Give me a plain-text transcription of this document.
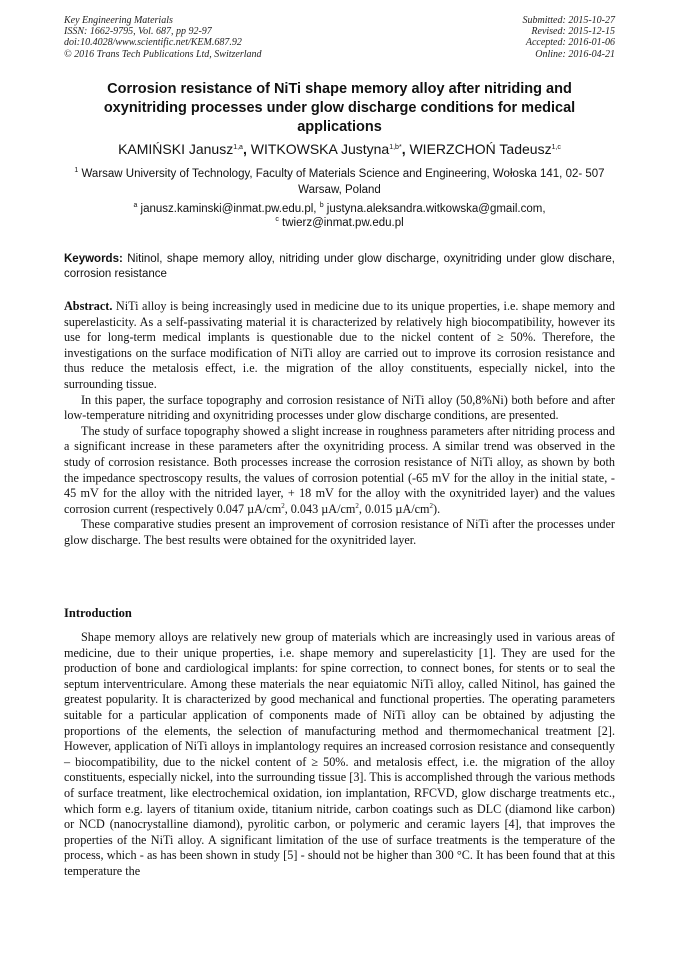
Key Engineering Materials
ISSN: 1662-9795, Vol. 687, pp 92-97
doi:10.4028/www.scientific.net/KEM.687.92
© 2016 Trans Tech Publications Ltd, Switzerland
Submitted: 2015-10-27
Revised: 2015-12-15
Accepted: 2016-01-06
Online: 2016-04-21
Corrosion resistance of NiTi shape memory alloy after nitriding and oxynitriding processes under glow discharge conditions for medical applications
KAMIŃSKI Janusz$^{1,a}$, WITKOWSKA Justyna$^{1,b*}$, WIERZCHOŃ Tadeusz$^{1,c}$
$^1$ Warsaw University of Technology, Faculty of Materials Science and Engineering, Wołoska 141, 02- 507 Warsaw, Poland
$^a$ janusz.kaminski@inmat.pw.edu.pl, $^b$ justyna.aleksandra.witkowska@gmail.com,
$^c$ twierz@inmat.pw.edu.pl
Keywords: Nitinol, shape memory alloy, nitriding under glow discharge, oxynitriding under glow dischare, corrosion resistance

Abstract. NiTi alloy is being increasingly used in medicine due to its unique properties, i.e. shape memory and superelasticity. As a self-passivating material it is characterized by relatively high biocompatibility, however its use for long-term medical implants is questionable due to the nickel content of ≥ 50%. Therefore, the investigations on the surface modification of NiTi alloy are carried out to improve its corrosion resistance and thus reduce the metalosis effect, i.e. the migration of the alloy constituents, especially nickel, into the surrounding tissue.

In this paper, the surface topography and corrosion resistance of NiTi alloy (50,8%Ni) both before and after low-temperature nitriding and oxynitriding processes under glow discharge conditions, are presented.

The study of surface topography showed a slight increase in roughness parameters after nitriding process and a significant increase in these parameters after the oxynitriding process. A similar trend was observed in the study of corrosion resistance. Both processes increase the corrosion resistance of NiTi alloy, as shown by both the impedance spectroscopy results, the values of corrosion potential (-65 mV for the alloy in the initial state, - 45 mV for the alloy with the nitrided layer, + 18 mV for the alloy with the oxynitrided layer) and the values corrosion current (respectively 0.047 $\mu A/cm^2$, 0.043 $\mu A/cm^2$, 0.015 $\mu A/cm^2$).

These comparative studies present an improvement of corrosion resistance of NiTi after the processes under glow discharge. The best results were obtained for the oxynitrided layer.

Introduction

Shape memory alloys are relatively new group of materials which are increasingly used in various areas of medicine, due to their unique properties, i.e. shape memory and superelasticity [1]. They are used for the production of bone and cardiological implants: for spine correction, to connect bones, for stents or to seal the septum interventriculare. Among these materials the near equiatomic NiTi alloy, called Nitinol, has gained the greatest popularity. It is characterized by good mechanical and functional properties. The operating parameters suitable for a particular application of components made of NiTi alloy can be obtained by adjusting the proportions of the elements, the selection of manufacturing method and thermomechanical treatment [2]. However, application of NiTi alloys in implantology requires an increased corrosion resistance and consequently – biocompatibility, due to the nickel content of ≥ 50%. and metalosis effect, i.e. the migration of the alloy constituents, especially nickel, into the surrounding tissue [3]. This is accomplished through the various methods of surface treatment, like electrochemical oxidation, ion implantation, RFCVD, glow discharge treatments etc., which form e.g. layers of titanium oxide, titanium nitride, carbon coatings such as DLC (diamond like carbon) or NCD (nanocrystalline diamond), pyrolitic carbon, or polymeric and ceramic layers [4], that improves the properties of the NiTi alloy. A significant limitation of the use of surface treatments is the temperature of the process, which - as has been shown in study [5] - should not be higher than 300 °C. It has been found that at this temperature the
